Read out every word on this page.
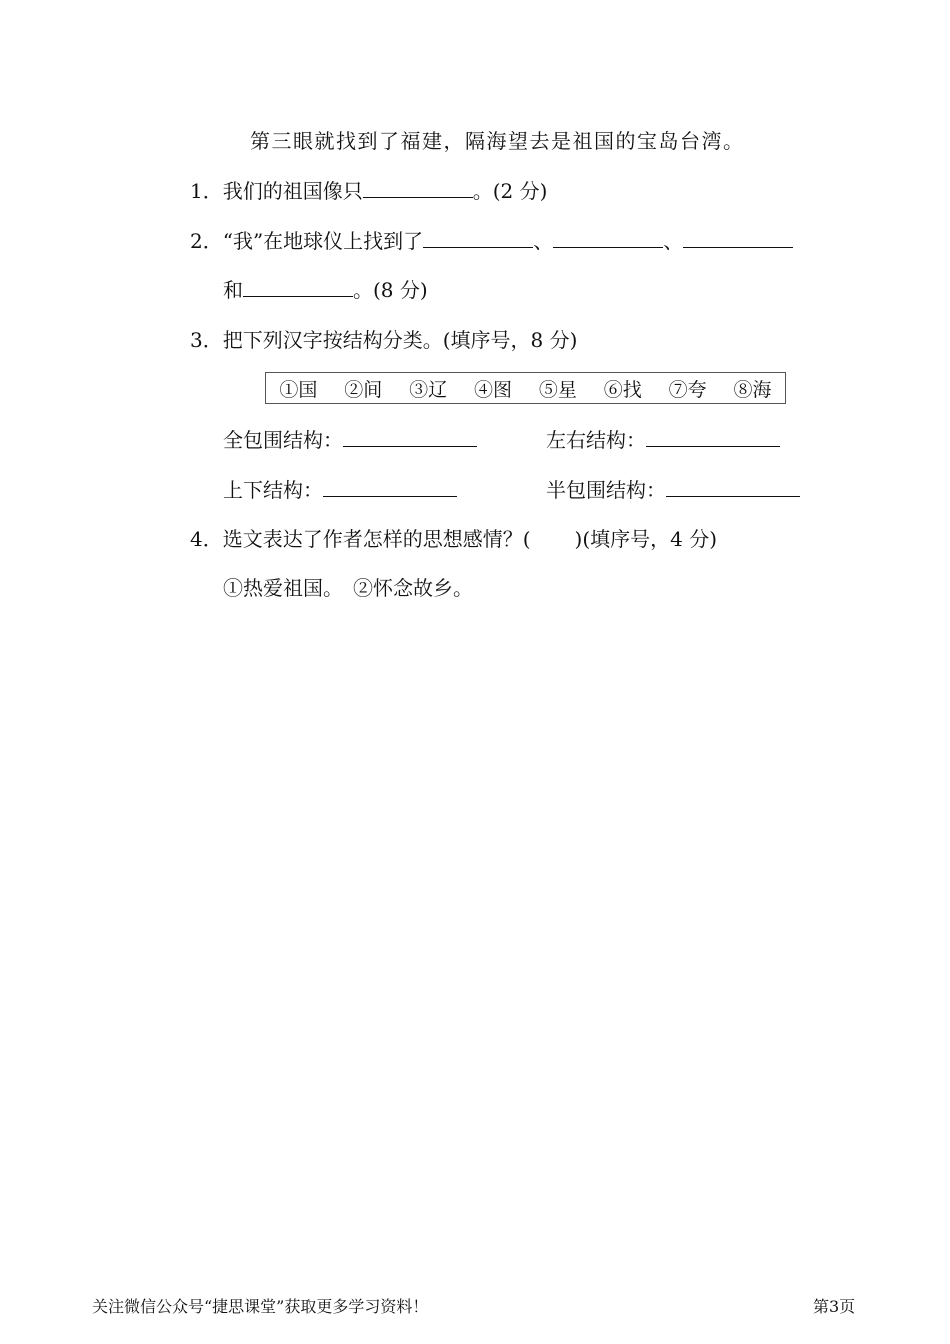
第三眼就找到了福建，隔海望去是祖国的宝岛台湾。
1．我们的祖国像只	。(2 分)
2．“我”在地球仪上找到了	、	、
和	。(8 分)
3．把下列汉字按结构分类。(填序号，8 分)
①国 ②间 ③辽 ④图 ⑤星 ⑥找 ⑦夸 ⑧海
全包围结构：	左右结构：
上下结构：	半包围结构：
4．选文表达了作者怎样的思想感情？( )(填序号，4 分)
①热爱祖国。　②怀念故乡。
关注微信公众号“捷思课堂”获取更多学习资料！	第3页
